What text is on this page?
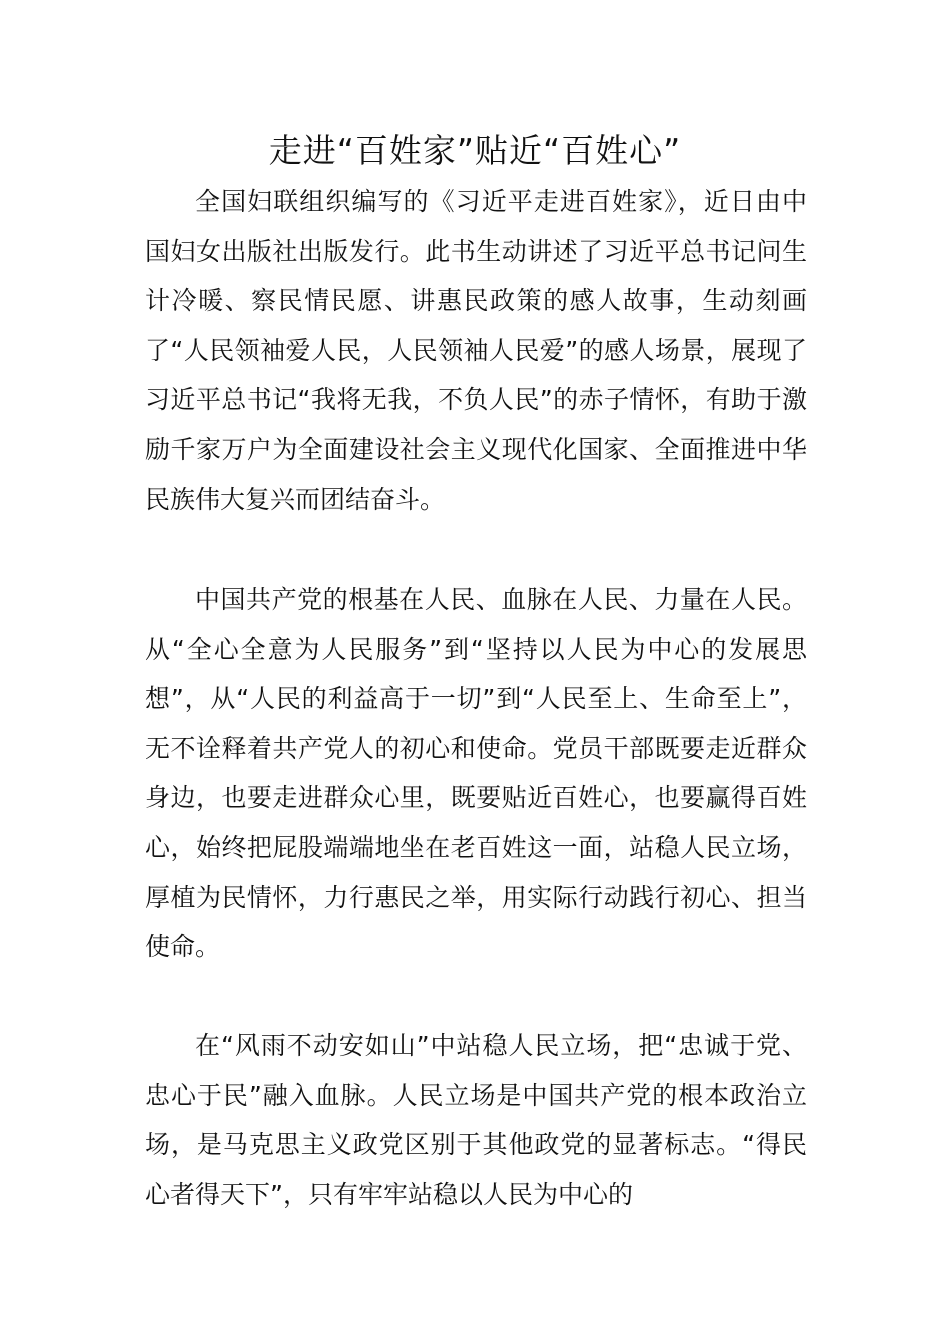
走进“百姓家”贴近“百姓心”

全国妇联组织编写的《习近平走进百姓家》，近日由中国妇女出版社出版发行。此书生动讲述了习近平总书记问生计冷暖、察民情民愿、讲惠民政策的感人故事，生动刻画了“人民领袖爱人民，人民领袖人民爱”的感人场景，展现了习近平总书记“我将无我，不负人民”的赤子情怀，有助于激励千家万户为全面建设社会主义现代化国家、全面推进中华民族伟大复兴而团结奋斗。

中国共产党的根基在人民、血脉在人民、力量在人民。从“全心全意为人民服务”到“坚持以人民为中心的发展思想”，从“人民的利益高于一切”到“人民至上、生命至上”，无不诠释着共产党人的初心和使命。党员干部既要走近群众身边，也要走进群众心里，既要贴近百姓心，也要赢得百姓心，始终把屁股端端地坐在老百姓这一面，站稳人民立场，厚植为民情怀，力行惠民之举，用实际行动践行初心、担当使命。

在“风雨不动安如山”中站稳人民立场，把“忠诚于党、忠心于民”融入血脉。人民立场是中国共产党的根本政治立场，是马克思主义政党区别于其他政党的显著标志。“得民心者得天下”，只有牢牢站稳以人民为中心的
